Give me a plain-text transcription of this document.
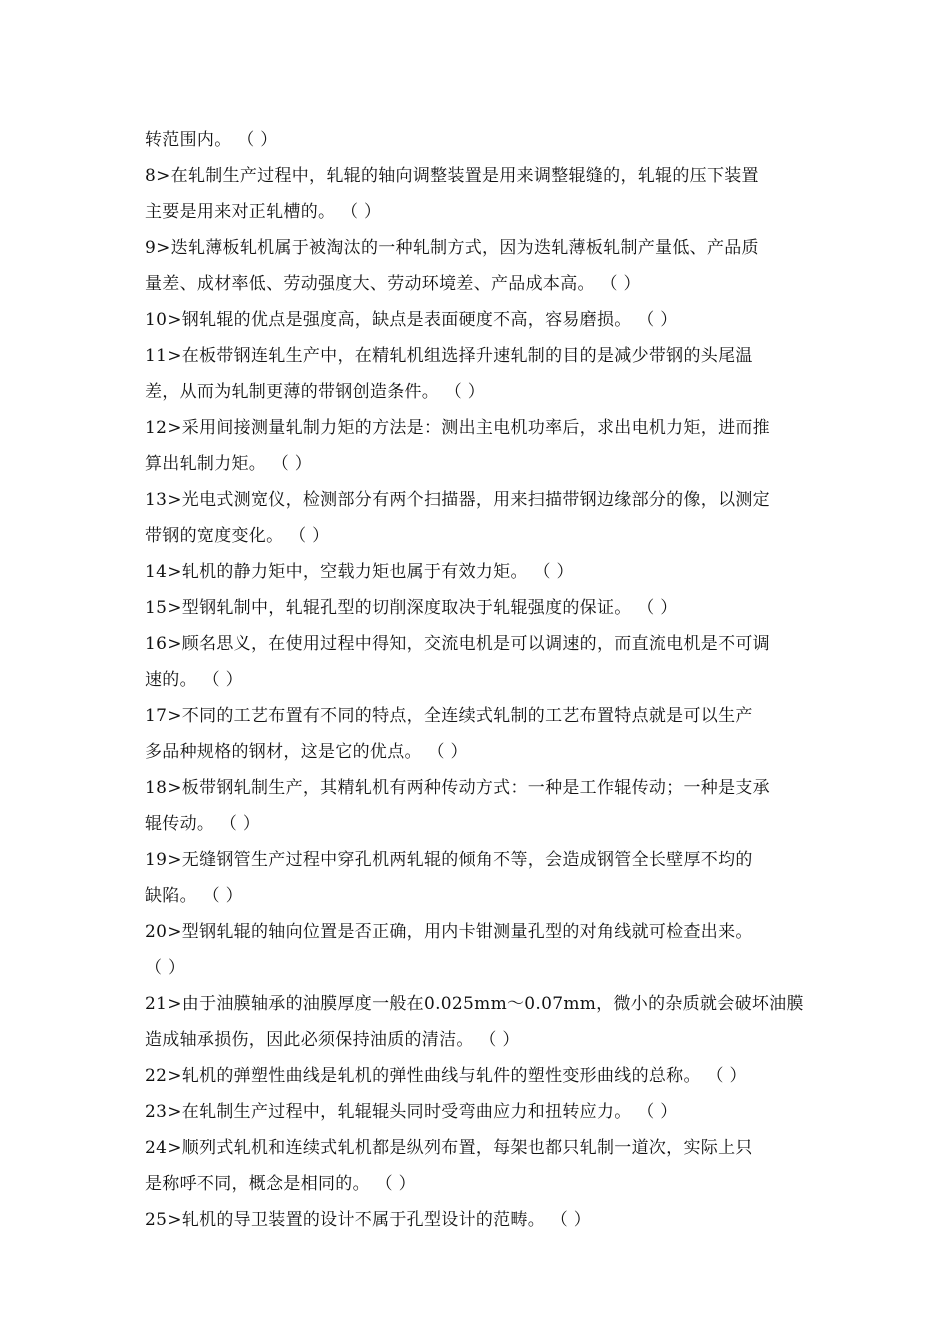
转范围内。 （ ）
8>在轧制生产过程中，轧辊的轴向调整装置是用来调整辊缝的，轧辊的压下装置
主要是用来对正轧槽的。 （ ）
9>迭轧薄板轧机属于被淘汰的一种轧制方式，因为迭轧薄板轧制产量低、产品质
量差、成材率低、劳动强度大、劳动环境差、产品成本高。 （ ）
10>钢轧辊的优点是强度高，缺点是表面硬度不高，容易磨损。 （ ）
11>在板带钢连轧生产中，在精轧机组选择升速轧制的目的是减少带钢的头尾温
差，从而为轧制更薄的带钢创造条件。 （ ）
12>采用间接测量轧制力矩的方法是：测出主电机功率后，求出电机力矩，进而推
算出轧制力矩。 （ ）
13>光电式测宽仪，检测部分有两个扫描器，用来扫描带钢边缘部分的像，以测定
带钢的宽度变化。 （ ）
14>轧机的静力矩中，空载力矩也属于有效力矩。 （ ）
15>型钢轧制中，轧辊孔型的切削深度取决于轧辊强度的保证。 （ ）
16>顾名思义，在使用过程中得知，交流电机是可以调速的，而直流电机是不可调
速的。 （ ）
17>不同的工艺布置有不同的特点，全连续式轧制的工艺布置特点就是可以生产
多品种规格的钢材，这是它的优点。 （ ）
18>板带钢轧制生产，其精轧机有两种传动方式：一种是工作辊传动；一种是支承
辊传动。 （ ）
19>无缝钢管生产过程中穿孔机两轧辊的倾角不等，会造成钢管全长壁厚不均的
缺陷。 （ ）
20>型钢轧辊的轴向位置是否正确，用内卡钳测量孔型的对角线就可检查出来。
（ ）
21>由于油膜轴承的油膜厚度一般在0.025mm～0.07mm，微小的杂质就会破坏油膜
造成轴承损伤，因此必须保持油质的清洁。 （ ）
22>轧机的弹塑性曲线是轧机的弹性曲线与轧件的塑性变形曲线的总称。 （ ）
23>在轧制生产过程中，轧辊辊头同时受弯曲应力和扭转应力。 （ ）
24>顺列式轧机和连续式轧机都是纵列布置，每架也都只轧制一道次，实际上只
是称呼不同，概念是相同的。 （ ）
25>轧机的导卫装置的设计不属于孔型设计的范畴。 （ ）
